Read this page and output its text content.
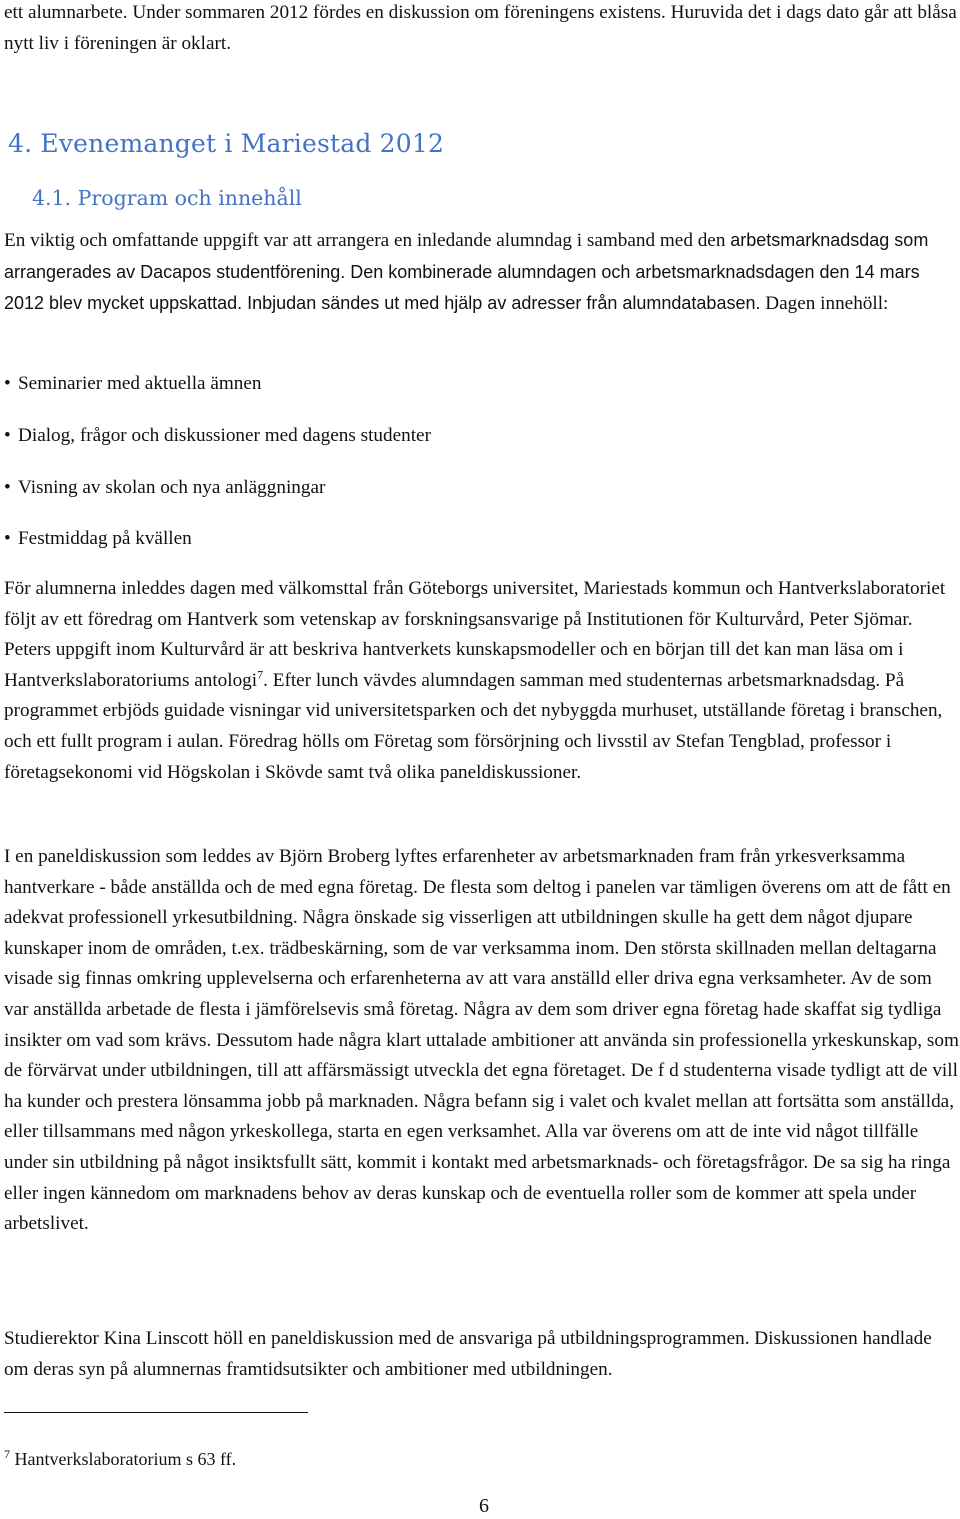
ett alumnarbete. Under sommaren 2012 fördes en diskussion om föreningens existens. Huruvida det i dags dato går att blåsa nytt liv i föreningen är oklart.

4. Evenemanget i Mariestad 2012
4.1. Program och innehåll

En viktig och omfattande uppgift var att arrangera en inledande alumndag i samband med den arbetsmarknadsdag som arrangerades av Dacapos studentförening. Den kombinerade alumndagen och arbetsmarknadsdagen den 14 mars 2012 blev mycket uppskattad. Inbjudan sändes ut med hjälp av adresser från alumndatabasen. Dagen innehöll:

• Seminarier med aktuella ämnen
• Dialog, frågor och diskussioner med dagens studenter
• Visning av skolan och nya anläggningar
• Festmiddag på kvällen

För alumnerna inleddes dagen med välkomsttal från Göteborgs universitet, Mariestads kommun och Hantverkslaboratoriet följt av ett föredrag om Hantverk som vetenskap av forskningsansvarige på Institutionen för Kulturvård, Peter Sjömar. Peters uppgift inom Kulturvård är att beskriva hantverkets kunskapsmodeller och en början till det kan man läsa om i Hantverkslaboratoriums antologi$^7$. Efter lunch vävdes alumndagen samman med studenternas arbetsmarknadsdag. På programmet erbjöds guidade visningar vid universitetsparken och det nybyggda murhuset, utställande företag i branschen, och ett fullt program i aulan. Föredrag hölls om Företag som försörjning och livsstil av Stefan Tengblad, professor i företagsekonomi vid Högskolan i Skövde samt två olika paneldiskussioner.

I en paneldiskussion som leddes av Björn Broberg lyftes erfarenheter av arbetsmarknaden fram från yrkesverksamma hantverkare - både anställda och de med egna företag. De flesta som deltog i panelen var tämligen överens om att de fått en adekvat professionell yrkesutbildning. Några önskade sig visserligen att utbildningen skulle ha gett dem något djupare kunskaper inom de områden, t.ex. trädbeskärning, som de var verksamma inom. Den största skillnaden mellan deltagarna visade sig finnas omkring upplevelserna och erfarenheterna av att vara anställd eller driva egna verksamheter. Av de som var anställda arbetade de flesta i jämförelsevis små företag. Några av dem som driver egna företag hade skaffat sig tydliga insikter om vad som krävs. Dessutom hade några klart uttalade ambitioner att använda sin professionella yrkeskunskap, som de förvärvat under utbildningen, till att affärsmässigt utveckla det egna företaget. De f d studenterna visade tydligt att de vill ha kunder och prestera lönsamma jobb på marknaden. Några befann sig i valet och kvalet mellan att fortsätta som anställda, eller tillsammans med någon yrkeskollega, starta en egen verksamhet. Alla var överens om att de inte vid något tillfälle under sin utbildning på något insiktsfullt sätt, kommit i kontakt med arbetsmarknads- och företagsfrågor. De sa sig ha ringa eller ingen kännedom om marknadens behov av deras kunskap och de eventuella roller som de kommer att spela under arbetslivet.

Studierektor Kina Linscott höll en paneldiskussion med de ansvariga på utbildningsprogrammen. Diskussionen handlade om deras syn på alumnernas framtidsutsikter och ambitioner med utbildningen.

$^7$ Hantverkslaboratorium s 63 ff.
6
